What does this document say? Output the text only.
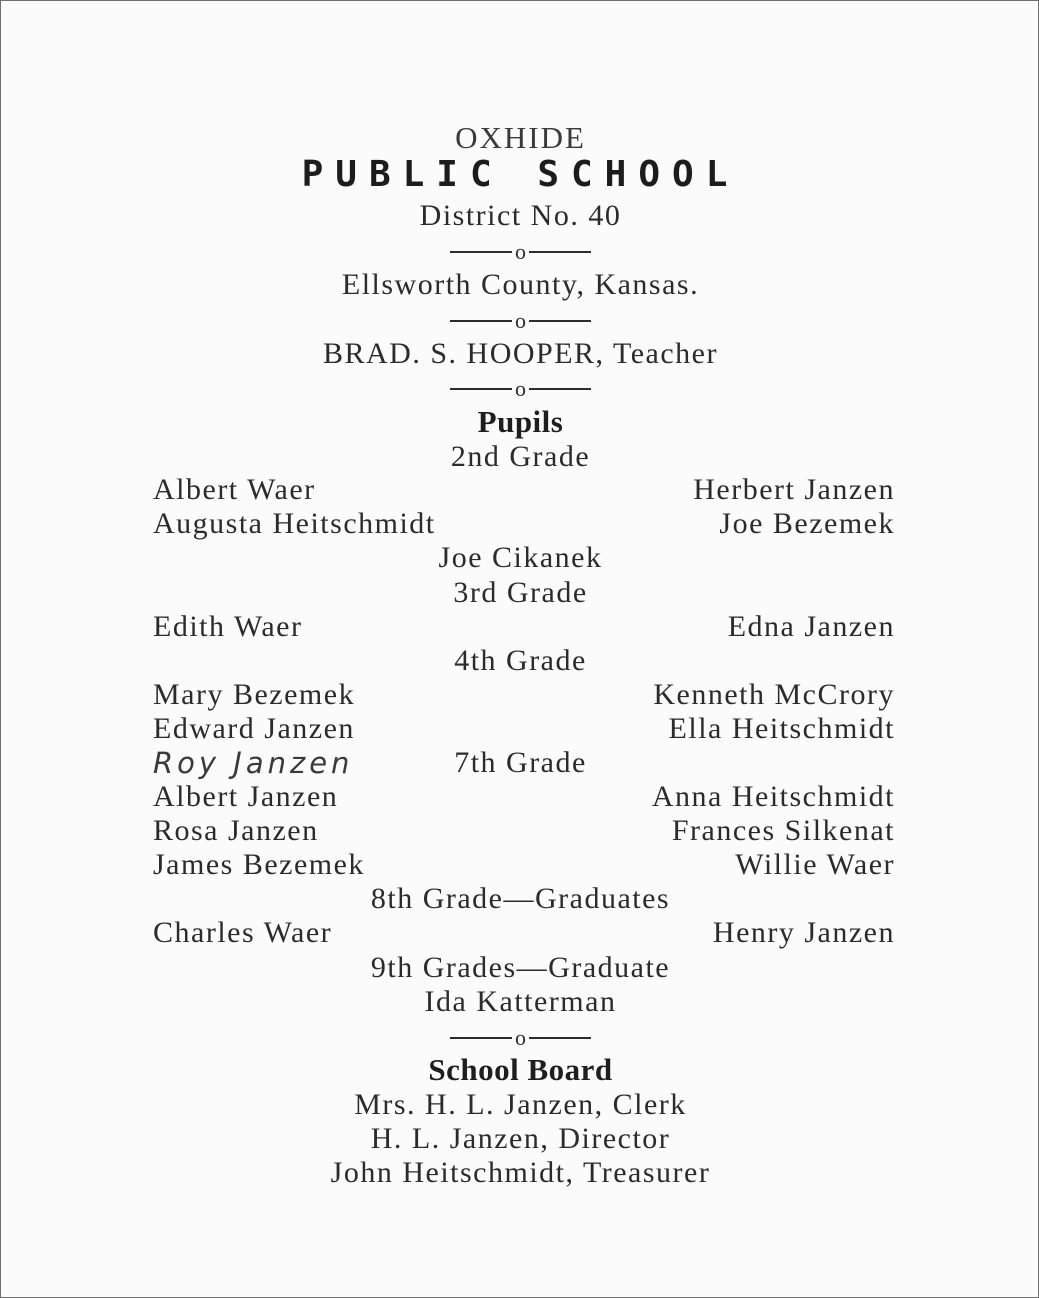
OXHIDE
PUBLIC SCHOOL
District No. 40
o
Ellsworth County, Kansas.
o
BRAD. S. HOOPER, Teacher
o
Pupils
2nd Grade
Albert Waer	Herbert Janzen
Augusta Heitschmidt	Joe Bezemek
Joe Cikanek
3rd Grade
Edith Waer	Edna Janzen
4th Grade
Mary Bezemek	Kenneth McCrory
Edward Janzen	Ella Heitschmidt
Roy Janzen	7th Grade
Albert Janzen	Anna Heitschmidt
Rosa Janzen	Frances Silkenat
James Bezemek	Willie Waer
8th Grade—Graduates
Charles Waer	Henry Janzen
9th Grades—Graduate
Ida Katterman
o
School Board
Mrs. H. L. Janzen, Clerk
H. L. Janzen, Director
John Heitschmidt, Treasurer
